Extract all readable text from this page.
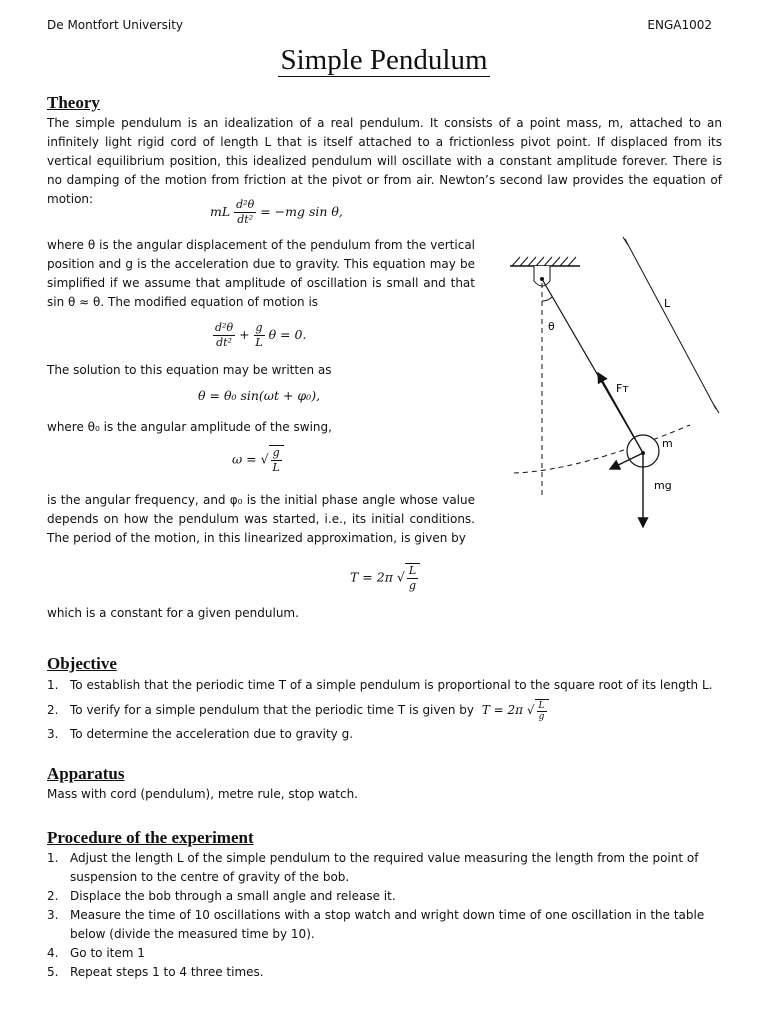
De Montfort University	ENGA1002
Simple Pendulum
Theory

The simple pendulum is an idealization of a real pendulum. It consists of a point mass, m, attached to an infinitely light rigid cord of length L that is itself attached to a frictionless pivot point. If displaced from its vertical equilibrium position, this idealized pendulum will oscillate with a constant amplitude forever. There is no damping of the motion from friction at the pivot or from air. Newton’s second law provides the equation of motion:

mL $\frac{\text{d²θ}}{\text{dt²}} = -mg$ sin θ,

where θ is the angular displacement of the pendulum from the vertical position and g is the acceleration due to gravity. This equation may be simplified if we assume that amplitude of oscillation is small and that sin θ ≈ θ. The modified equation of motion is

$\frac{\text{d²θ}}{\text{dt²}} + \frac{g}{L}$ θ = 0.

The solution to this equation may be written as

θ = θ₀ sin(ωt + φ₀),

where θ₀ is the angular amplitude of the swing,

ω = √ $\frac{g}{L}$

is the angular frequency, and φ₀ is the initial phase angle whose value depends on how the pendulum was started, i.e., its initial conditions. The period of the motion, in this linearized approximation, is given by

T = 2π √ $\frac{L}{g}$

which is a constant for a given pendulum.

θ
L
m
Fᴛ
mg
Objective
1. To establish that the periodic time T of a simple pendulum is proportional to the square root of its length L.
2. To verify for a simple pendulum that the periodic time T is given by T = 2π √ $\frac{L}{g}$
3. To determine the acceleration due to gravity g.
Apparatus

Mass with cord (pendulum), metre rule, stop watch.

Procedure of the experiment
1. Adjust the length L of the simple pendulum to the required value measuring the length from the point of suspension to the centre of gravity of the bob.
2. Displace the bob through a small angle and release it.
3. Measure the time of 10 oscillations with a stop watch and wright down time of one oscillation in the table below (divide the measured time by 10).
4. Go to item 1
5. Repeat steps 1 to 4 three times.
